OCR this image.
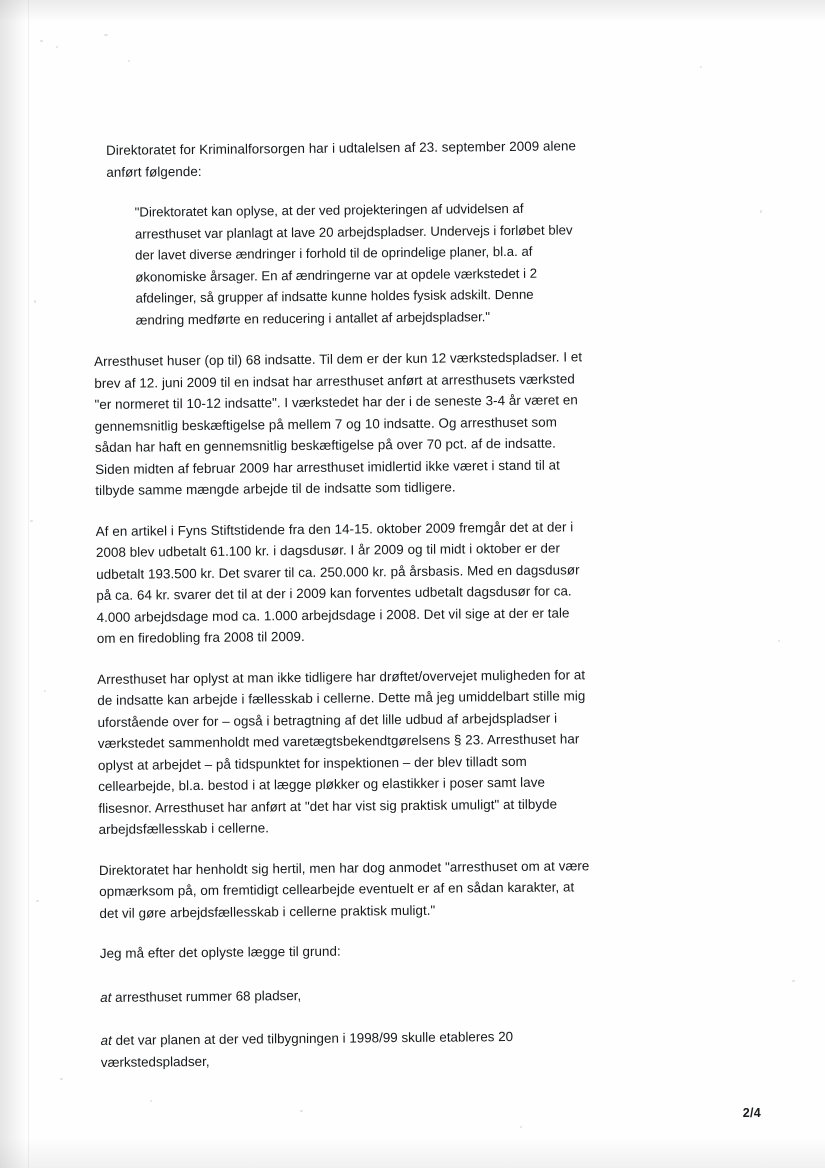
Direktoratet for Kriminalforsorgen har i udtalelsen af 23. september 2009 alene anført følgende:

"Direktoratet kan oplyse, at der ved projekteringen af udvidelsen af arresthuset var planlagt at lave 20 arbejdspladser. Undervejs i forløbet blev der lavet diverse ændringer i forhold til de oprindelige planer, bl.a. af økonomiske årsager. En af ændringerne var at opdele værkstedet i 2 afdelinger, så grupper af indsatte kunne holdes fysisk adskilt. Denne ændring medførte en reducering i antallet af arbejdspladser."

Arresthuset huser (op til) 68 indsatte. Til dem er der kun 12 værkstedspladser. I et brev af 12. juni 2009 til en indsat har arresthuset anført at arresthusets værksted "er normeret til 10-12 indsatte". I værkstedet har der i de seneste 3-4 år været en gennemsnitlig beskæftigelse på mellem 7 og 10 indsatte. Og arresthuset som sådan har haft en gennemsnitlig beskæftigelse på over 70 pct. af de indsatte. Siden midten af februar 2009 har arresthuset imidlertid ikke været i stand til at tilbyde samme mængde arbejde til de indsatte som tidligere.

Af en artikel i Fyns Stiftstidende fra den 14-15. oktober 2009 fremgår det at der i 2008 blev udbetalt 61.100 kr. i dagsdusør. I år 2009 og til midt i oktober er der udbetalt 193.500 kr. Det svarer til ca. 250.000 kr. på årsbasis. Med en dagsdusør på ca. 64 kr. svarer det til at der i 2009 kan forventes udbetalt dagsdusør for ca. 4.000 arbejdsdage mod ca. 1.000 arbejdsdage i 2008. Det vil sige at der er tale om en firedobling fra 2008 til 2009.

Arresthuset har oplyst at man ikke tidligere har drøftet/overvejet muligheden for at de indsatte kan arbejde i fællesskab i cellerne. Dette må jeg umiddelbart stille mig uforstående over for – også i betragtning af det lille udbud af arbejdspladser i værkstedet sammenholdt med varetægtsbekendtgørelsens § 23. Arresthuset har oplyst at arbejdet – på tidspunktet for inspektionen – der blev tilladt som cellearbejde, bl.a. bestod i at lægge pløkker og elastikker i poser samt lave flisesnor. Arresthuset har anført at "det har vist sig praktisk umuligt" at tilbyde arbejdsfællesskab i cellerne.

Direktoratet har henholdt sig hertil, men har dog anmodet "arresthuset om at være opmærksom på, om fremtidigt cellearbejde eventuelt er af en sådan karakter, at det vil gøre arbejdsfællesskab i cellerne praktisk muligt."

Jeg må efter det oplyste lægge til grund:

at arresthuset rummer 68 pladser,

at det var planen at der ved tilbygningen i 1998/99 skulle etableres 20 værkstedspladser,

2/4
